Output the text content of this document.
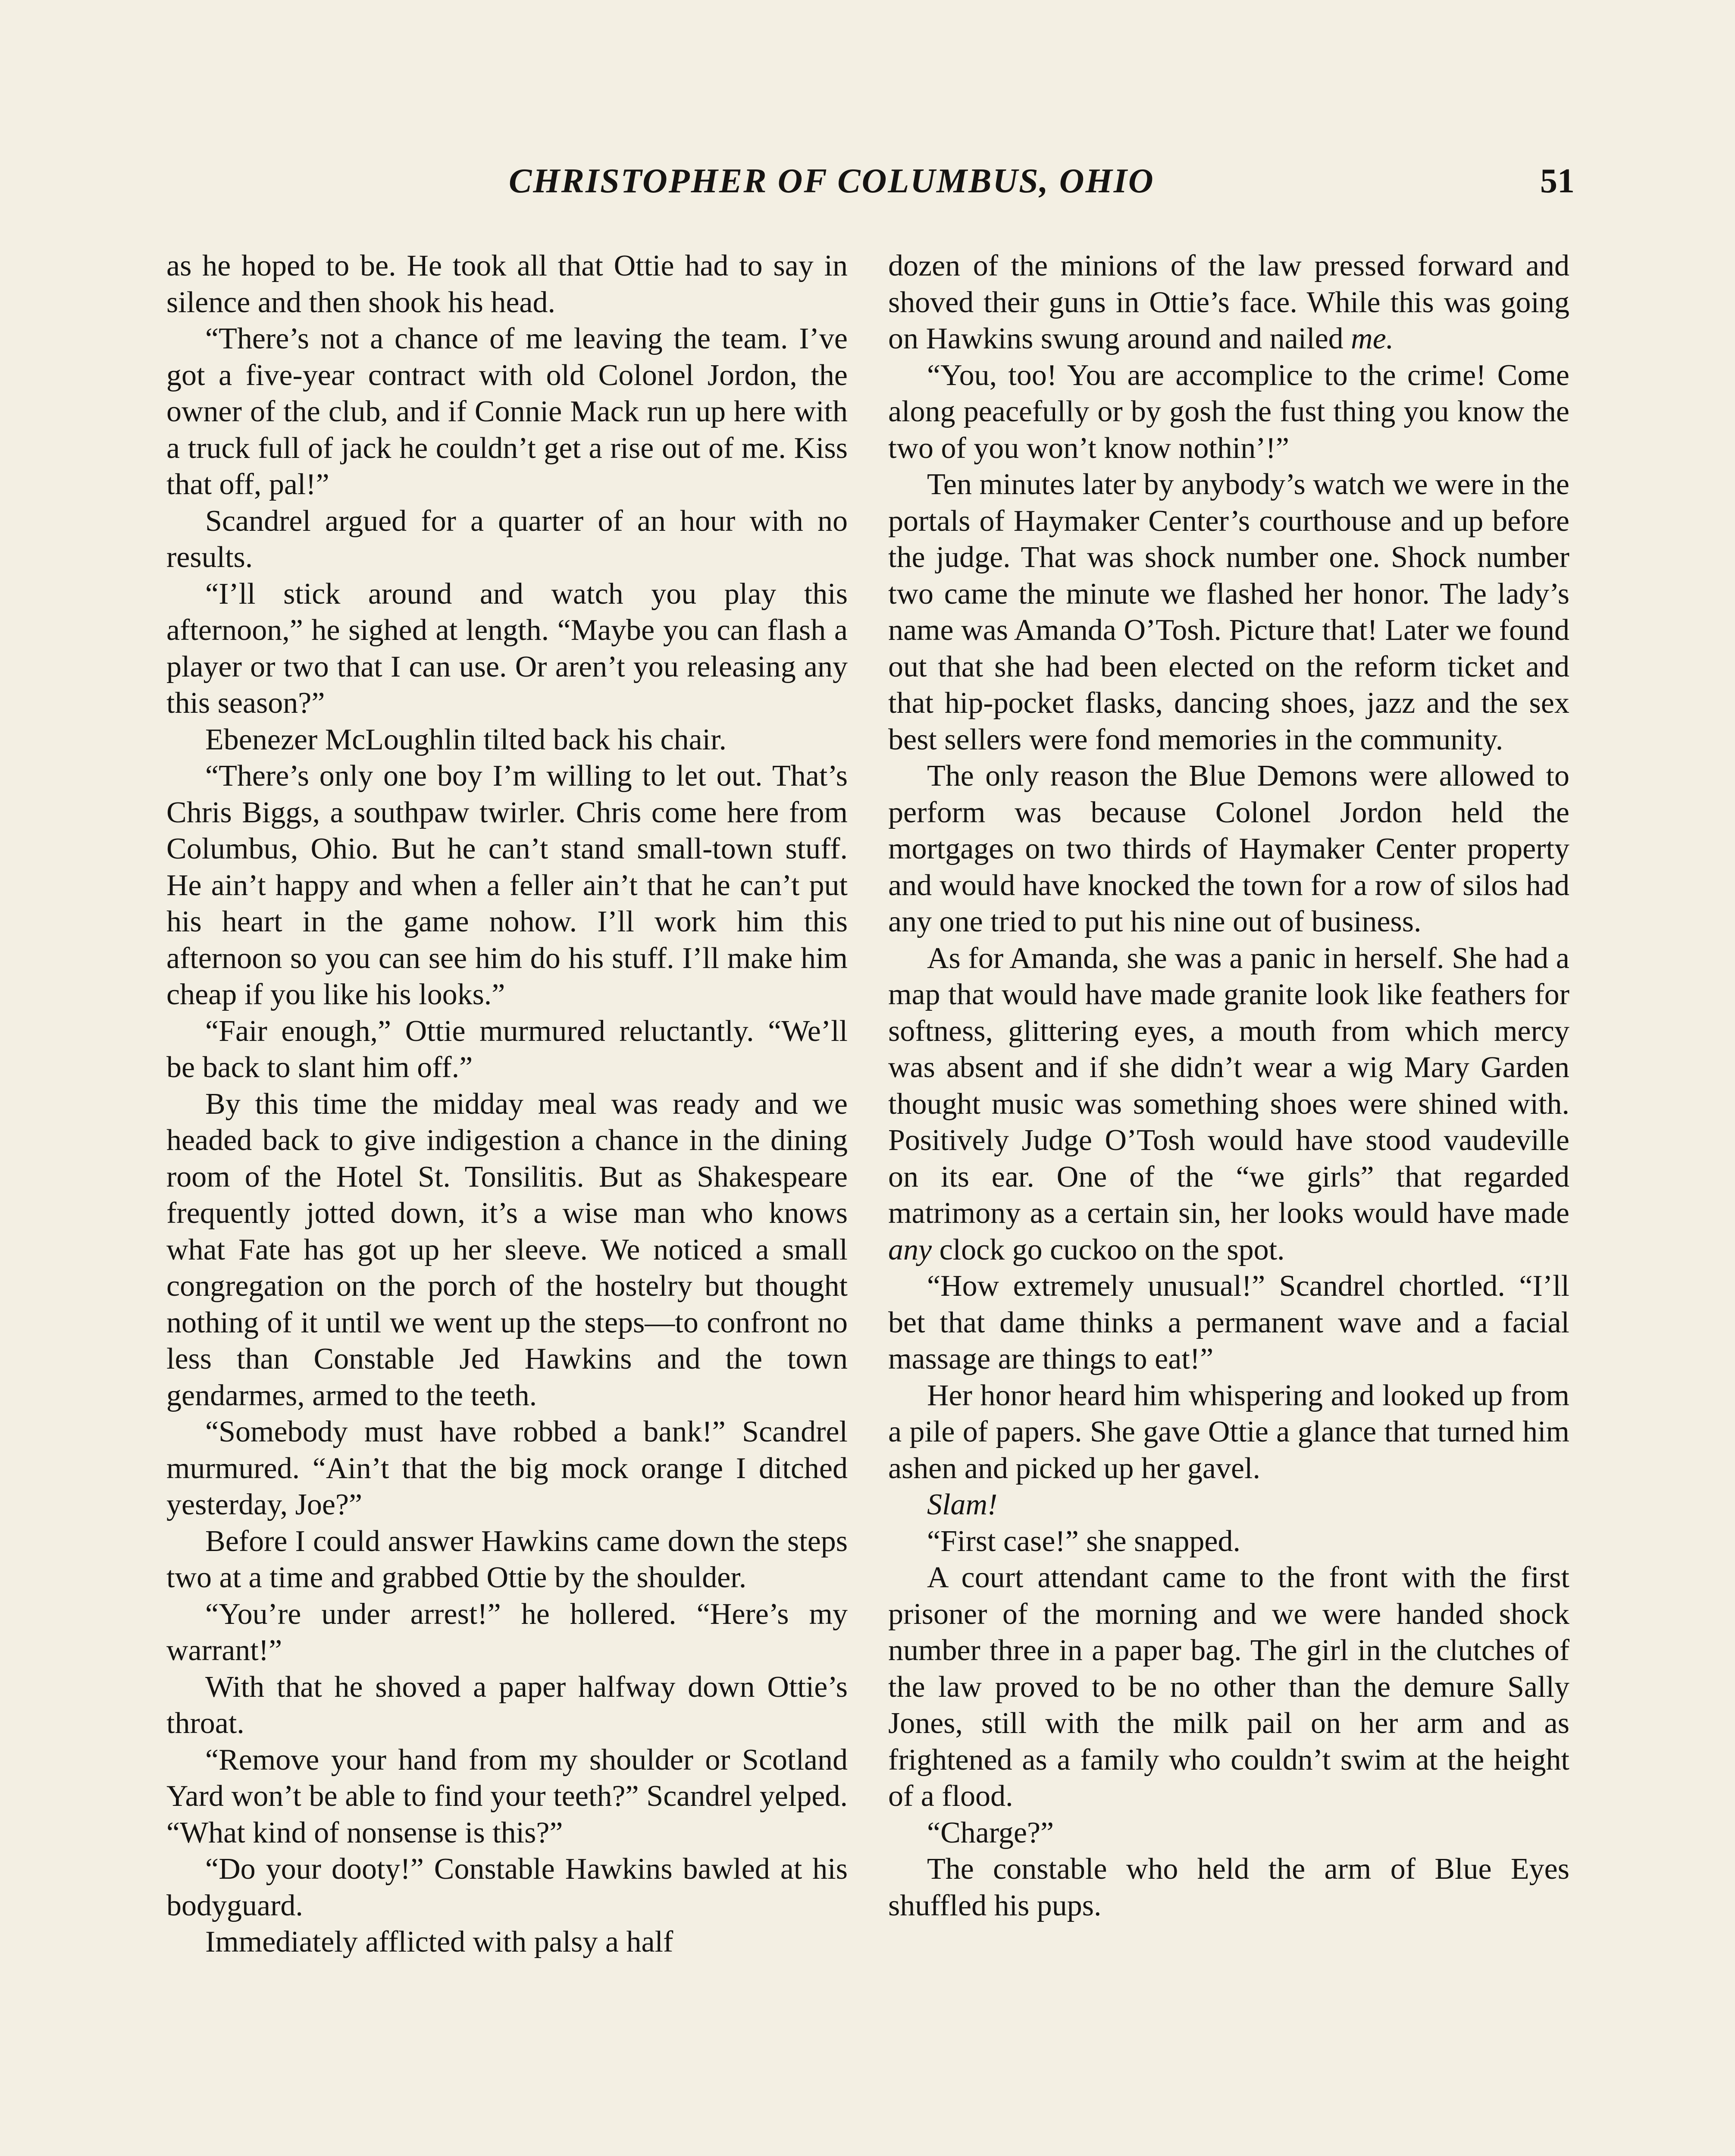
CHRISTOPHER OF COLUMBUS, OHIO	51

as he hoped to be. He took all that Ottie had to say in silence and then shook his head.

“There’s not a chance of me leaving the team. I’ve got a five-year contract with old Colonel Jordon, the owner of the club, and if Connie Mack run up here with a truck full of jack he couldn’t get a rise out of me. Kiss that off, pal!”

Scandrel argued for a quarter of an hour with no results.

“I’ll stick around and watch you play this afternoon,” he sighed at length. “Maybe you can flash a player or two that I can use. Or aren’t you releasing any this season?”

Ebenezer McLoughlin tilted back his chair.

“There’s only one boy I’m willing to let out. That’s Chris Biggs, a southpaw twirler. Chris come here from Columbus, Ohio. But he can’t stand small-town stuff. He ain’t happy and when a feller ain’t that he can’t put his heart in the game nohow. I’ll work him this afternoon so you can see him do his stuff. I’ll make him cheap if you like his looks.”

“Fair enough,” Ottie murmured reluctantly. “We’ll be back to slant him off.”

By this time the midday meal was ready and we headed back to give indigestion a chance in the dining room of the Hotel St. Tonsilitis. But as Shakespeare frequently jotted down, it’s a wise man who knows what Fate has got up her sleeve. We noticed a small congregation on the porch of the hostelry but thought nothing of it until we went up the steps—to confront no less than Constable Jed Hawkins and the town gendarmes, armed to the teeth.

“Somebody must have robbed a bank!” Scandrel murmured. “Ain’t that the big mock orange I ditched yesterday, Joe?”

Before I could answer Hawkins came down the steps two at a time and grabbed Ottie by the shoulder.

“You’re under arrest!” he hollered. “Here’s my warrant!”

With that he shoved a paper halfway down Ottie’s throat.

“Remove your hand from my shoulder or Scotland Yard won’t be able to find your teeth?” Scandrel yelped. “What kind of nonsense is this?”

“Do your dooty!” Constable Hawkins bawled at his bodyguard.

Immediately afflicted with palsy a half

dozen of the minions of the law pressed forward and shoved their guns in Ottie’s face. While this was going on Hawkins swung around and nailed me.

“You, too! You are accomplice to the crime! Come along peacefully or by gosh the fust thing you know the two of you won’t know nothin’!”

Ten minutes later by anybody’s watch we were in the portals of Haymaker Center’s courthouse and up before the judge. That was shock number one. Shock number two came the minute we flashed her honor. The lady’s name was Amanda O’Tosh. Picture that! Later we found out that she had been elected on the reform ticket and that hip-pocket flasks, dancing shoes, jazz and the sex best sellers were fond memories in the community.

The only reason the Blue Demons were allowed to perform was because Colonel Jordon held the mortgages on two thirds of Haymaker Center property and would have knocked the town for a row of silos had any one tried to put his nine out of business.

As for Amanda, she was a panic in herself. She had a map that would have made granite look like feathers for softness, glittering eyes, a mouth from which mercy was absent and if she didn’t wear a wig Mary Garden thought music was something shoes were shined with. Positively Judge O’Tosh would have stood vaudeville on its ear. One of the “we girls” that regarded matrimony as a certain sin, her looks would have made any clock go cuckoo on the spot.

“How extremely unusual!” Scandrel chortled. “I’ll bet that dame thinks a permanent wave and a facial massage are things to eat!”

Her honor heard him whispering and looked up from a pile of papers. She gave Ottie a glance that turned him ashen and picked up her gavel.

Slam!

“First case!” she snapped.

A court attendant came to the front with the first prisoner of the morning and we were handed shock number three in a paper bag. The girl in the clutches of the law proved to be no other than the demure Sally Jones, still with the milk pail on her arm and as frightened as a family who couldn’t swim at the height of a flood.

“Charge?”

The constable who held the arm of Blue Eyes shuffled his pups.
